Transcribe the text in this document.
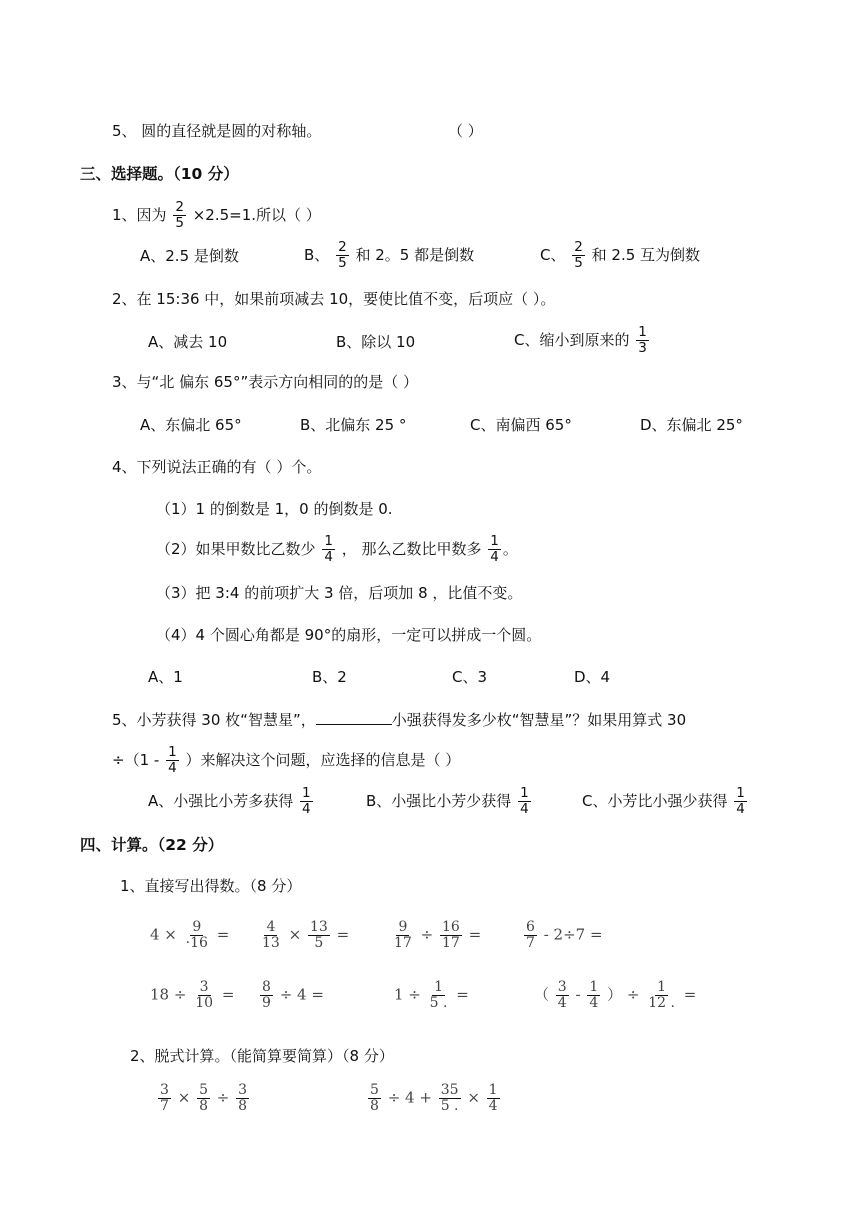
5、 圆的直径就是圆的对称轴。	（ ）
三、选择题。（10 分）
1、因为 $\frac{2}{5} \times 2.5=1$.所以（ ）
A、2.5 是倒数	B、 $\frac{2}{5}$ 和 2。5 都是倒数	C、 $\frac{2}{5}$ 和 2.5 互为倒数
2、在 15:36 中，如果前项减去 10，要使比值不变，后项应（ ）。
A、减去 10	B、除以 10	C、缩小到原来的 $\frac{1}{3}$
3、与“北 偏东 65°”表示方向相同的的是（ ）
A、东偏北 65°	B、北偏东 25 °	C、南偏西 65°	D、东偏北 25°
4、下列说法正确的有（ ）个。
（1）1 的倒数是 1，0 的倒数是 0.
（2）如果甲数比乙数少 $\frac{1}{4}$ ， 那么乙数比甲数多 $\frac{1}{4}$ 。
（3）把 3:4 的前项扩大 3 倍，后项加 8 ，比值不变。
（4）4 个圆心角都是 90°的扇形，一定可以拼成一个圆。
A、1	B、2	C、3	D、4
5、小芳获得 30 枚“智慧星”，	小强获得发多少枚“智慧星”？如果用算式 30
$\div(1 - \frac{1}{4}$ ）来解决这个问题，应选择的信息是（ ）
A、小强比小芳多获得 $\frac{1}{4}$	B、小强比小芳少获得 $\frac{1}{4}$	C、小芳比小强少获得 $\frac{1}{4}$
四、计算。（22 分）
1、直接写出得数。（8 分）
$4 \times \frac{9}{\cdot 16} = \frac{4}{13} \times \frac{13}{5}$ =	$\frac{9}{17} \div \frac{16}{17}$ =	$\frac{6}{7} - 2\div 7$ =
$18 \div \frac{3}{10} = \frac{8}{9} \div 4$ =	$1 \div \frac{1}{5 .}$ =	（ $\frac{3}{4} - \frac{1}{4}$ ） ÷ $\frac{1}{12 .}$ =
2、脱式计算。（能简算要简算）（8 分）
$\frac{3}{7} \times \frac{5}{8} \div \frac{3}{8}$	$\frac{5}{8} \div 4 + \frac{35}{5 .} \times \frac{1}{4}$
